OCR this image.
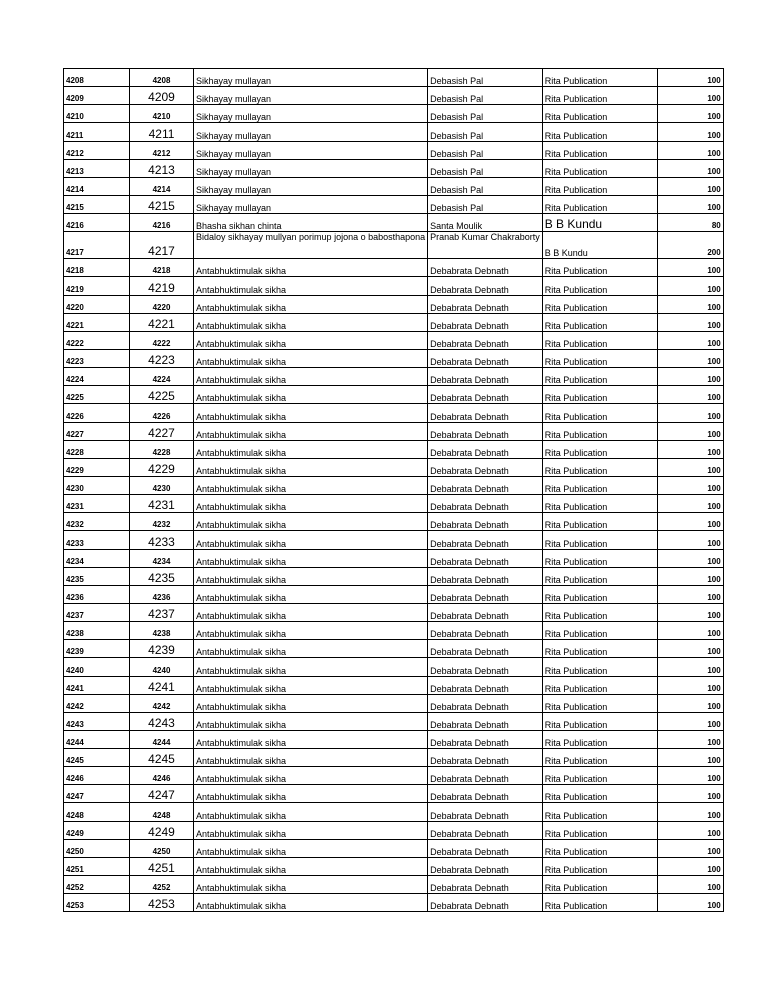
4208	4208	Sikhayay mullayan	Debasish Pal	Rita Publication	100
4209	4209	Sikhayay mullayan	Debasish Pal	Rita Publication	100
4210	4210	Sikhayay mullayan	Debasish Pal	Rita Publication	100
4211	4211	Sikhayay mullayan	Debasish Pal	Rita Publication	100
4212	4212	Sikhayay mullayan	Debasish Pal	Rita Publication	100
4213	4213	Sikhayay mullayan	Debasish Pal	Rita Publication	100
4214	4214	Sikhayay mullayan	Debasish Pal	Rita Publication	100
4215	4215	Sikhayay mullayan	Debasish Pal	Rita Publication	100
4216	4216	Bhasha sikhan chinta	Santa Moulik	B B Kundu	80
4217	4217	Bidaloy sikhayay mullyan porimup jojona o babosthapona	Pranab Kumar Chakraborty	B B Kundu	200
4218	4218	Antabhuktimulak sikha	Debabrata Debnath	Rita Publication	100
4219	4219	Antabhuktimulak sikha	Debabrata Debnath	Rita Publication	100
4220	4220	Antabhuktimulak sikha	Debabrata Debnath	Rita Publication	100
4221	4221	Antabhuktimulak sikha	Debabrata Debnath	Rita Publication	100
4222	4222	Antabhuktimulak sikha	Debabrata Debnath	Rita Publication	100
4223	4223	Antabhuktimulak sikha	Debabrata Debnath	Rita Publication	100
4224	4224	Antabhuktimulak sikha	Debabrata Debnath	Rita Publication	100
4225	4225	Antabhuktimulak sikha	Debabrata Debnath	Rita Publication	100
4226	4226	Antabhuktimulak sikha	Debabrata Debnath	Rita Publication	100
4227	4227	Antabhuktimulak sikha	Debabrata Debnath	Rita Publication	100
4228	4228	Antabhuktimulak sikha	Debabrata Debnath	Rita Publication	100
4229	4229	Antabhuktimulak sikha	Debabrata Debnath	Rita Publication	100
4230	4230	Antabhuktimulak sikha	Debabrata Debnath	Rita Publication	100
4231	4231	Antabhuktimulak sikha	Debabrata Debnath	Rita Publication	100
4232	4232	Antabhuktimulak sikha	Debabrata Debnath	Rita Publication	100
4233	4233	Antabhuktimulak sikha	Debabrata Debnath	Rita Publication	100
4234	4234	Antabhuktimulak sikha	Debabrata Debnath	Rita Publication	100
4235	4235	Antabhuktimulak sikha	Debabrata Debnath	Rita Publication	100
4236	4236	Antabhuktimulak sikha	Debabrata Debnath	Rita Publication	100
4237	4237	Antabhuktimulak sikha	Debabrata Debnath	Rita Publication	100
4238	4238	Antabhuktimulak sikha	Debabrata Debnath	Rita Publication	100
4239	4239	Antabhuktimulak sikha	Debabrata Debnath	Rita Publication	100
4240	4240	Antabhuktimulak sikha	Debabrata Debnath	Rita Publication	100
4241	4241	Antabhuktimulak sikha	Debabrata Debnath	Rita Publication	100
4242	4242	Antabhuktimulak sikha	Debabrata Debnath	Rita Publication	100
4243	4243	Antabhuktimulak sikha	Debabrata Debnath	Rita Publication	100
4244	4244	Antabhuktimulak sikha	Debabrata Debnath	Rita Publication	100
4245	4245	Antabhuktimulak sikha	Debabrata Debnath	Rita Publication	100
4246	4246	Antabhuktimulak sikha	Debabrata Debnath	Rita Publication	100
4247	4247	Antabhuktimulak sikha	Debabrata Debnath	Rita Publication	100
4248	4248	Antabhuktimulak sikha	Debabrata Debnath	Rita Publication	100
4249	4249	Antabhuktimulak sikha	Debabrata Debnath	Rita Publication	100
4250	4250	Antabhuktimulak sikha	Debabrata Debnath	Rita Publication	100
4251	4251	Antabhuktimulak sikha	Debabrata Debnath	Rita Publication	100
4252	4252	Antabhuktimulak sikha	Debabrata Debnath	Rita Publication	100
4253	4253	Antabhuktimulak sikha	Debabrata Debnath	Rita Publication	100
